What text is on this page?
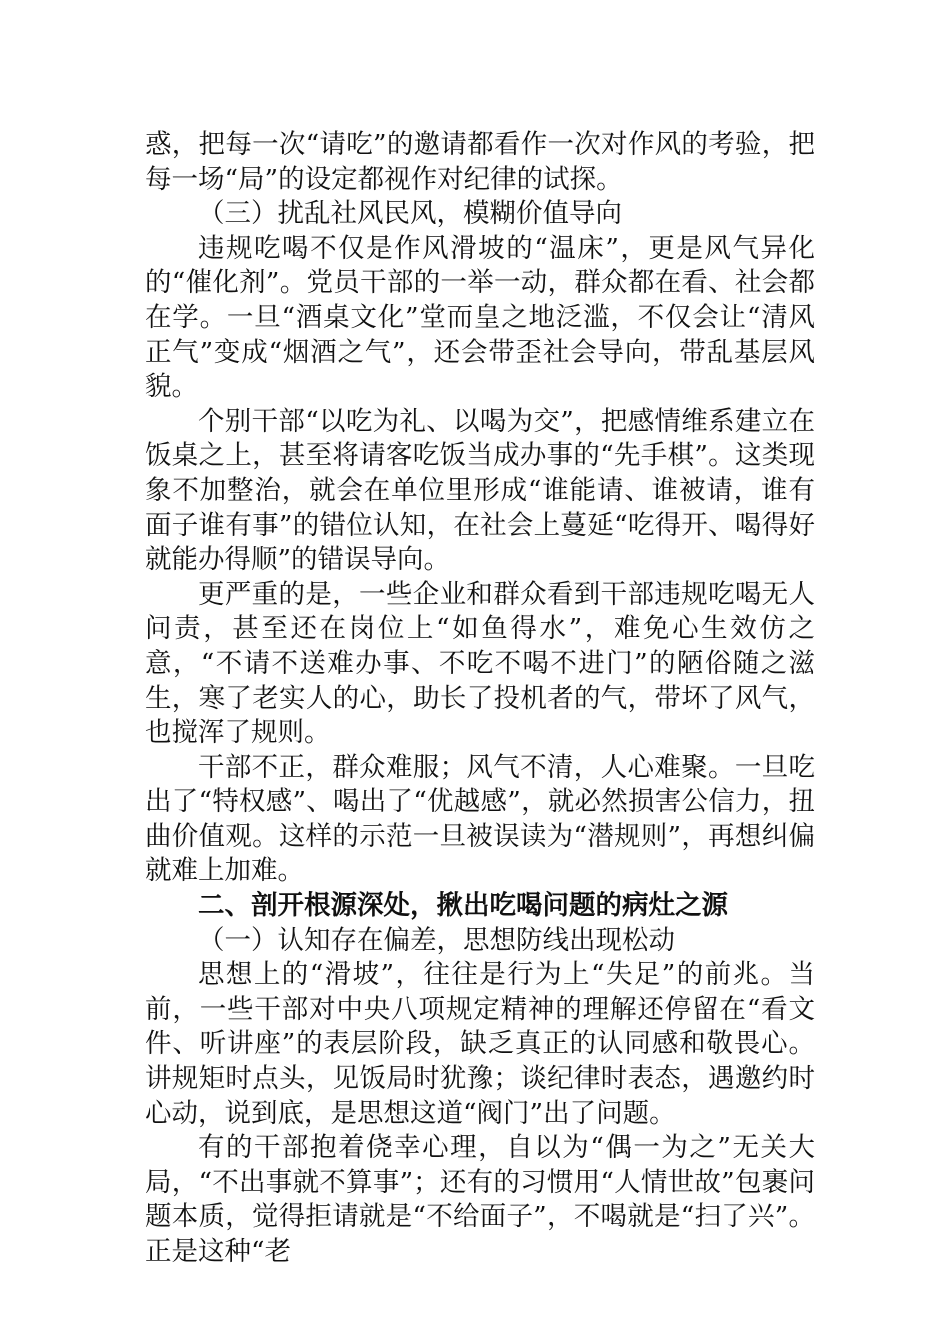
惑，把每一次“请吃”的邀请都看作一次对作风的考验，把每一场“局”的设定都视作对纪律的试探。

（三）扰乱社风民风，模糊价值导向

违规吃喝不仅是作风滑坡的“温床”，更是风气异化的“催化剂”。党员干部的一举一动，群众都在看、社会都在学。一旦“酒桌文化”堂而皇之地泛滥，不仅会让“清风正气”变成“烟酒之气”，还会带歪社会导向，带乱基层风貌。

个别干部“以吃为礼、以喝为交”，把感情维系建立在饭桌之上，甚至将请客吃饭当成办事的“先手棋”。这类现象不加整治，就会在单位里形成“谁能请、谁被请，谁有面子谁有事”的错位认知，在社会上蔓延“吃得开、喝得好就能办得顺”的错误导向。

更严重的是，一些企业和群众看到干部违规吃喝无人问责，甚至还在岗位上“如鱼得水”，难免心生效仿之意，“不请不送难办事、不吃不喝不进门”的陋俗随之滋生，寒了老实人的心，助长了投机者的气，带坏了风气，也搅浑了规则。

干部不正，群众难服；风气不清，人心难聚。一旦吃出了“特权感”、喝出了“优越感”，就必然损害公信力，扭曲价值观。这样的示范一旦被误读为“潜规则”，再想纠偏就难上加难。

二、剖开根源深处，揪出吃喝问题的病灶之源

（一）认知存在偏差，思想防线出现松动

思想上的“滑坡”，往往是行为上“失足”的前兆。当前，一些干部对中央八项规定精神的理解还停留在“看文件、听讲座”的表层阶段，缺乏真正的认同感和敬畏心。讲规矩时点头，见饭局时犹豫；谈纪律时表态，遇邀约时心动，说到底，是思想这道“阀门”出了问题。

有的干部抱着侥幸心理，自以为“偶一为之”无关大局，“不出事就不算事”；还有的习惯用“人情世故”包裹问题本质，觉得拒请就是“不给面子”，不喝就是“扫了兴”。正是这种“老
